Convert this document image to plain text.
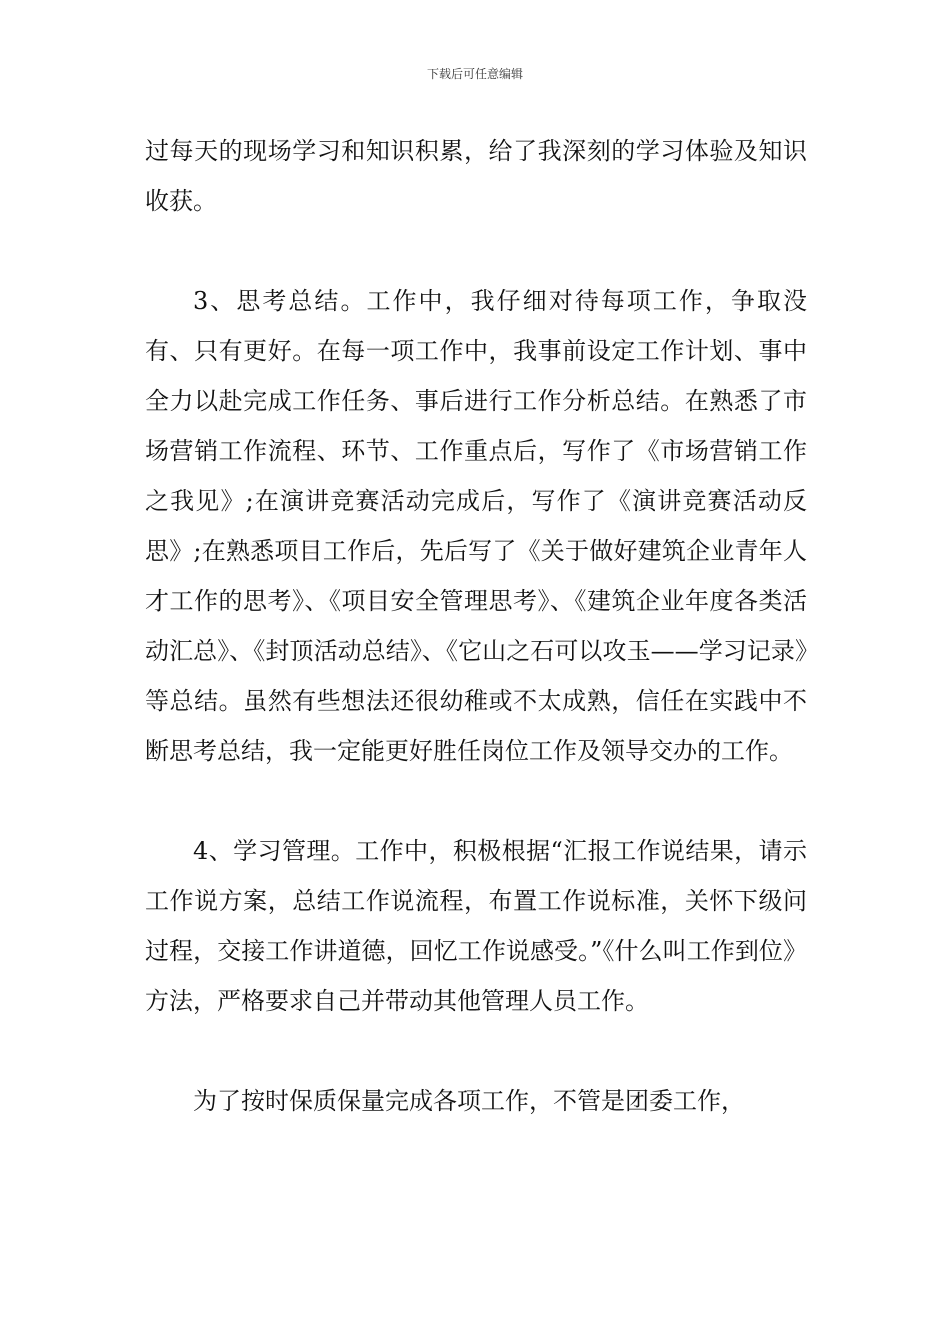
下载后可任意编辑

过每天的现场学习和知识积累，给了我深刻的学习体验及知识收获。

3、思考总结。工作中，我仔细对待每项工作，争取没有、只有更好。在每一项工作中，我事前设定工作计划、事中全力以赴完成工作任务、事后进行工作分析总结。在熟悉了市场营销工作流程、环节、工作重点后，写作了《市场营销工作之我见》;在演讲竞赛活动完成后，写作了《演讲竞赛活动反思》;在熟悉项目工作后，先后写了《关于做好建筑企业青年人才工作的思考》、《项目安全管理思考》、《建筑企业年度各类活动汇总》、《封顶活动总结》、《它山之石可以攻玉——学习记录》等总结。虽然有些想法还很幼稚或不太成熟，信任在实践中不断思考总结，我一定能更好胜任岗位工作及领导交办的工作。

4、学习管理。工作中，积极根据“汇报工作说结果，请示工作说方案，总结工作说流程，布置工作说标准，关怀下级问过程，交接工作讲道德，回忆工作说感受。”《什么叫工作到位》方法，严格要求自己并带动其他管理人员工作。

为了按时保质保量完成各项工作，不管是团委工作，
